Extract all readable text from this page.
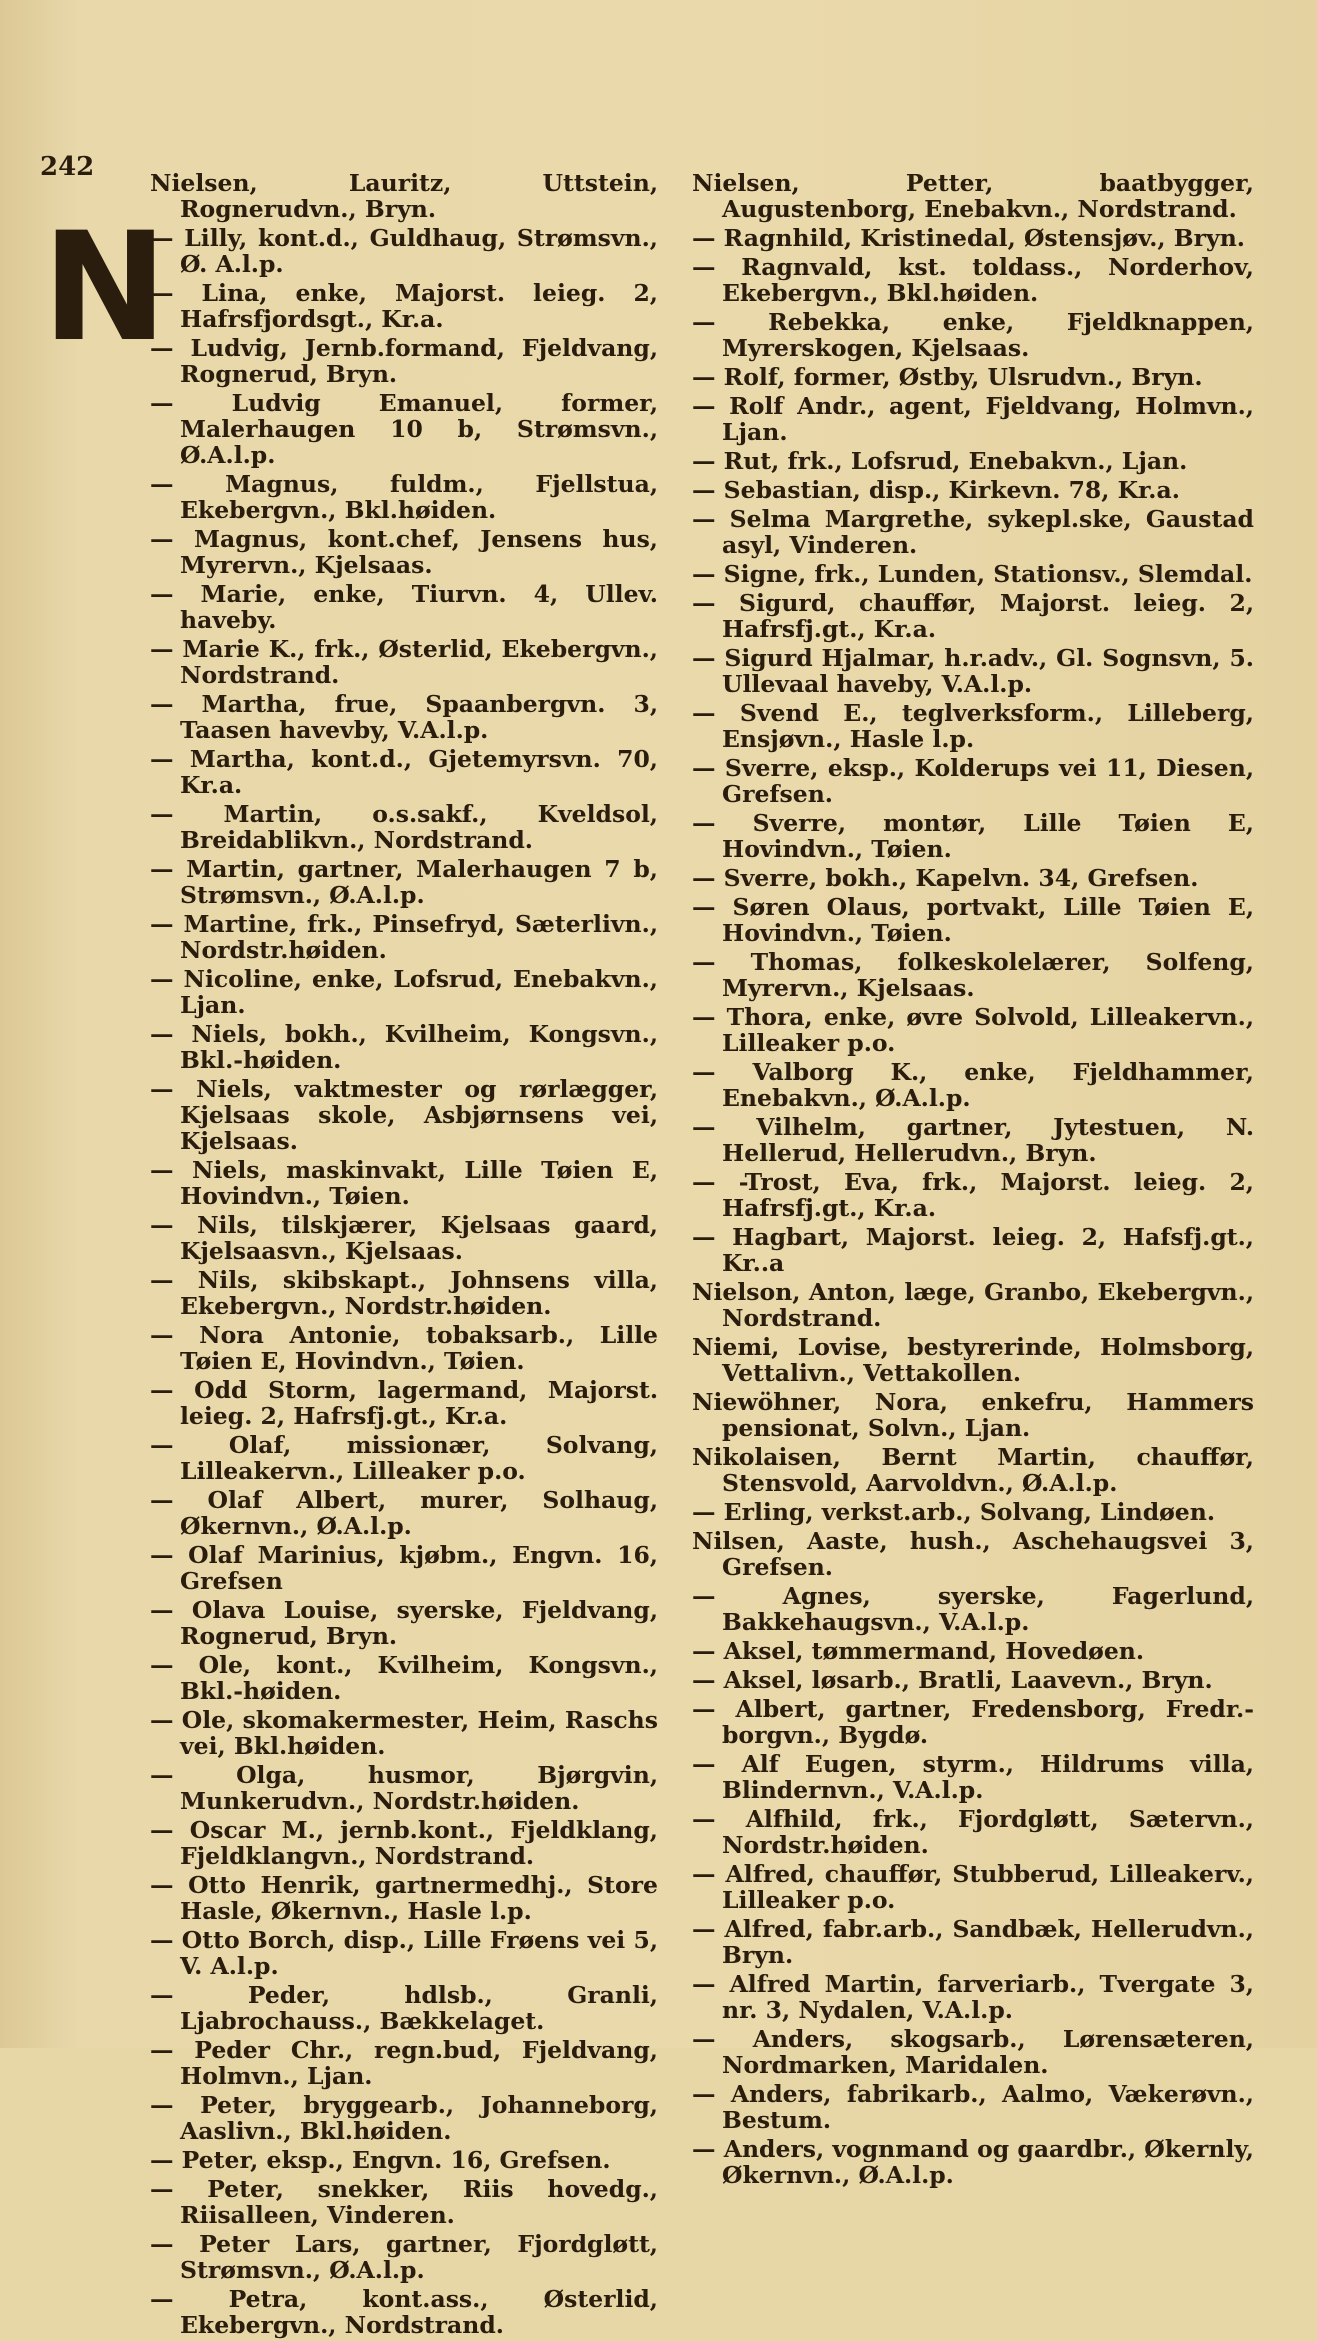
242
N

Nielsen, Lauritz, Uttstein, Rognerudvn., Bryn.

— Lilly, kont.d., Guldhaug, Strømsvn., Ø. A.l.p.

— Lina, enke, Majorst. leieg. 2, Hafrsfjordsgt., Kr.a.

— Ludvig, Jernb.formand, Fjeldvang, Rognerud, Bryn.

— Ludvig Emanuel, former, Malerhaugen 10 b, Strømsvn., Ø.A.l.p.

— Magnus, fuldm., Fjellstua, Ekebergvn., Bkl.høiden.

— Magnus, kont.chef, Jensens hus, Myrervn., Kjelsaas.

— Marie, enke, Tiurvn. 4, Ullev. haveby.

— Marie K., frk., Østerlid, Ekebergvn., Nordstrand.

— Martha, frue, Spaanbergvn. 3, Taasen havevby, V.A.l.p.

— Martha, kont.d., Gjetemyrsvn. 70, Kr.a.

— Martin, o.s.sakf., Kveldsol, Breidablikvn., Nordstrand.

— Martin, gartner, Malerhaugen 7 b, Strømsvn., Ø.A.l.p.

— Martine, frk., Pinsefryd, Sæterlivn., Nordstr.høiden.

— Nicoline, enke, Lofsrud, Enebakvn., Ljan.

— Niels, bokh., Kvilheim, Kongsvn., Bkl.-høiden.

— Niels, vaktmester og rørlægger, Kjelsaas skole, Asbjørnsens vei, Kjelsaas.

— Niels, maskinvakt, Lille Tøien E, Hovindvn., Tøien.

— Nils, tilskjærer, Kjelsaas gaard, Kjelsaasvn., Kjelsaas.

— Nils, skibskapt., Johnsens villa, Ekebergvn., Nordstr.høiden.

— Nora Antonie, tobaksarb., Lille Tøien E, Hovindvn., Tøien.

— Odd Storm, lagermand, Majorst. leieg. 2, Hafrsfj.gt., Kr.a.

— Olaf, missionær, Solvang, Lilleakervn., Lilleaker p.o.

— Olaf Albert, murer, Solhaug, Økernvn., Ø.A.l.p.

— Olaf Marinius, kjøbm., Engvn. 16, Grefsen

— Olava Louise, syerske, Fjeldvang, Rognerud, Bryn.

— Ole, kont., Kvilheim, Kongsvn., Bkl.-høiden.

— Ole, skomakermester, Heim, Raschs vei, Bkl.høiden.

— Olga, husmor, Bjørgvin, Munkerudvn., Nordstr.høiden.

— Oscar M., jernb.kont., Fjeldklang, Fjeldklangvn., Nordstrand.

— Otto Henrik, gartnermedhj., Store Hasle, Økernvn., Hasle l.p.

— Otto Borch, disp., Lille Frøens vei 5, V. A.l.p.

— Peder, hdlsb., Granli, Ljabrochauss., Bækkelaget.

— Peder Chr., regn.bud, Fjeldvang, Holmvn., Ljan.

— Peter, bryggearb., Johanneborg, Aaslivn., Bkl.høiden.

— Peter, eksp., Engvn. 16, Grefsen.

— Peter, snekker, Riis hovedg., Riisalleen, Vinderen.

— Peter Lars, gartner, Fjordgløtt, Strømsvn., Ø.A.l.p.

— Petra, kont.ass., Østerlid, Ekebergvn., Nordstrand.

Nielsen, Petter, baatbygger, Augustenborg, Enebakvn., Nordstrand.

— Ragnhild, Kristinedal, Østensjøv., Bryn.

— Ragnvald, kst. toldass., Norderhov, Ekebergvn., Bkl.høiden.

— Rebekka, enke, Fjeldknappen, Myrerskogen, Kjelsaas.

— Rolf, former, Østby, Ulsrudvn., Bryn.

— Rolf Andr., agent, Fjeldvang, Holmvn., Ljan.

— Rut, frk., Lofsrud, Enebakvn., Ljan.

— Sebastian, disp., Kirkevn. 78, Kr.a.

— Selma Margrethe, sykepl.ske, Gaustad asyl, Vinderen.

— Signe, frk., Lunden, Stationsv., Slemdal.

— Sigurd, chauffør, Majorst. leieg. 2, Hafrsfj.gt., Kr.a.

— Sigurd Hjalmar, h.r.adv., Gl. Sognsvn, 5. Ullevaal haveby, V.A.l.p.

— Svend E., teglverksform., Lilleberg, Ensjøvn., Hasle l.p.

— Sverre, eksp., Kolderups vei 11, Diesen, Grefsen.

— Sverre, montør, Lille Tøien E, Hovindvn., Tøien.

— Sverre, bokh., Kapelvn. 34, Grefsen.

— Søren Olaus, portvakt, Lille Tøien E, Hovindvn., Tøien.

— Thomas, folkeskolelærer, Solfeng, Myrervn., Kjelsaas.

— Thora, enke, øvre Solvold, Lilleakervn., Lilleaker p.o.

— Valborg K., enke, Fjeldhammer, Enebakvn., Ø.A.l.p.

— Vilhelm, gartner, Jytestuen, N. Hellerud, Hellerudvn., Bryn.

— -Trost, Eva, frk., Majorst. leieg. 2, Hafrsfj.gt., Kr.a.

— Hagbart, Majorst. leieg. 2, Hafsfj.gt., Kr..a

Nielson, Anton, læge, Granbo, Ekebergvn., Nordstrand.

Niemi, Lovise, bestyrerinde, Holmsborg, Vettalivn., Vettakollen.

Niewöhner, Nora, enkefru, Hammers pensionat, Solvn., Ljan.

Nikolaisen, Bernt Martin, chauffør, Stensvold, Aarvoldvn., Ø.A.l.p.

— Erling, verkst.arb., Solvang, Lindøen.

Nilsen, Aaste, hush., Aschehaugsvei 3, Grefsen.

— Agnes, syerske, Fagerlund, Bakkehaugsvn., V.A.l.p.

— Aksel, tømmermand, Hovedøen.

— Aksel, løsarb., Bratli, Laavevn., Bryn.

— Albert, gartner, Fredensborg, Fredr.-borgvn., Bygdø.

— Alf Eugen, styrm., Hildrums villa, Blindernvn., V.A.l.p.

— Alfhild, frk., Fjordgløtt, Sætervn., Nordstr.høiden.

— Alfred, chauffør, Stubberud, Lilleakerv., Lilleaker p.o.

— Alfred, fabr.arb., Sandbæk, Hellerudvn., Bryn.

— Alfred Martin, farveriarb., Tvergate 3, nr. 3, Nydalen, V.A.l.p.

— Anders, skogsarb., Lørensæteren, Nordmarken, Maridalen.

— Anders, fabrikarb., Aalmo, Vækerøvn., Bestum.

— Anders, vognmand og gaardbr., Økernly, Økernvn., Ø.A.l.p.
